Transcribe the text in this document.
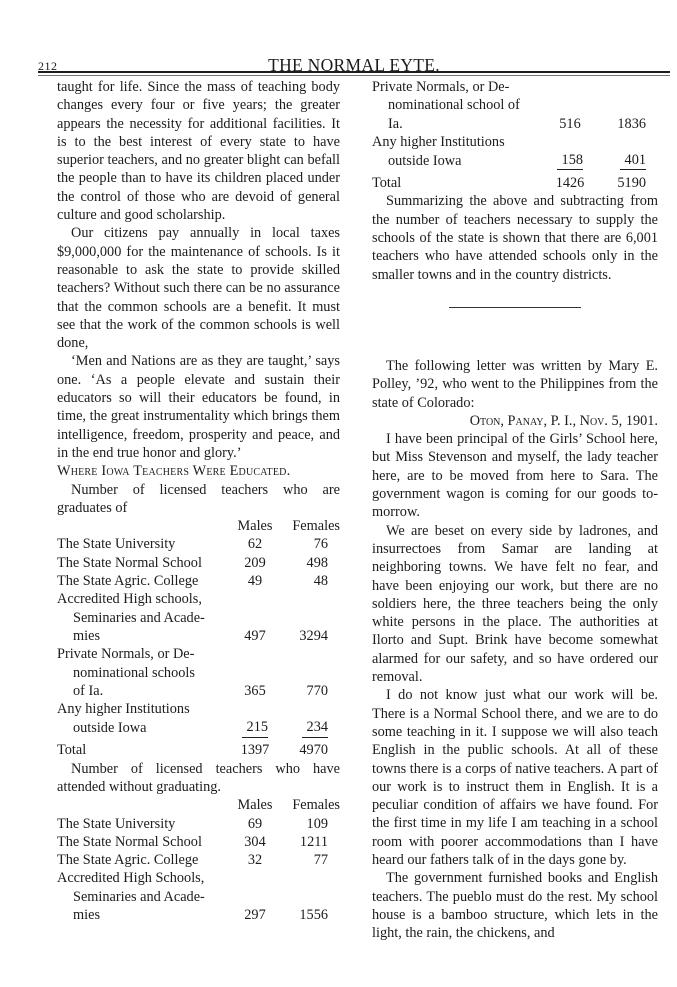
212	THE NORMAL EYTE.

taught for life. Since the mass of teaching body changes every four or five years; the greater appears the necessity for additional facilities. It is to the best interest of every state to have superior teachers, and no greater blight can befall the people than to have its children placed under the control of those who are devoid of general culture and good scholarship.

Our citizens pay annually in local taxes $9,000,000 for the maintenance of schools. Is it reasonable to ask the state to provide skilled teachers? Without such there can be no assurance that the common schools are a benefit. It must see that the work of the common schools is well done,

‘Men and Nations are as they are taught,’ says one. ‘As a people elevate and sustain their educators so will their educators be found, in time, the great instrumentality which brings them intelligence, freedom, prosperity and peace, and in the end true honor and glory.’

Where Iowa Teachers Were Educated.

Number of licensed teachers who are graduates of

	Males	Females
The State University	62	76
The State Normal School	209	498
The State Agric. College	49	48
Accredited High schools,		
Seminaries and Acade-		
mies	497	3294
Private Normals, or De-		
nominational schools		
of Ia.	365	770
Any higher Institutions		
outside Iowa	215	234
Total	1397	4970

Number of licensed teachers who have attended without graduating.

	Males	Females
The State University	69	109
The State Normal School	304	1211
The State Agric. College	32	77
Accredited High Schools,		
Seminaries and Acade-		
mies	297	1556
Private Normals, or De-		
nominational school of		
Ia.	516	1836
Any higher Institutions		
outside Iowa	158	401
Total	1426	5190

Summarizing the above and subtracting from the number of teachers necessary to supply the schools of the state is shown that there are 6,001 teachers who have attended schools only in the smaller towns and in the country districts.

The following letter was written by Mary E. Polley, ’92, who went to the Philippines from the state of Colorado:

Oton, Panay, P. I., Nov. 5, 1901.

I have been principal of the Girls’ School here, but Miss Stevenson and myself, the lady teacher here, are to be moved from here to Sara. The government wagon is coming for our goods to-morrow.

We are beset on every side by ladrones, and insurrectoes from Samar are landing at neighboring towns. We have felt no fear, and have been enjoying our work, but there are no soldiers here, the three teachers being the only white persons in the place. The authorities at Ilorto and Supt. Brink have become somewhat alarmed for our safety, and so have ordered our removal.

I do not know just what our work will be. There is a Normal School there, and we are to do some teaching in it. I suppose we will also teach English in the public schools. At all of these towns there is a corps of native teachers. A part of our work is to instruct them in English. It is a peculiar condition of affairs we have found. For the first time in my life I am teaching in a school room with poorer accommodations than I have heard our fathers talk of in the days gone by.

The government furnished books and English teachers. The pueblo must do the rest. My school house is a bamboo structure, which lets in the light, the rain, the chickens, and
